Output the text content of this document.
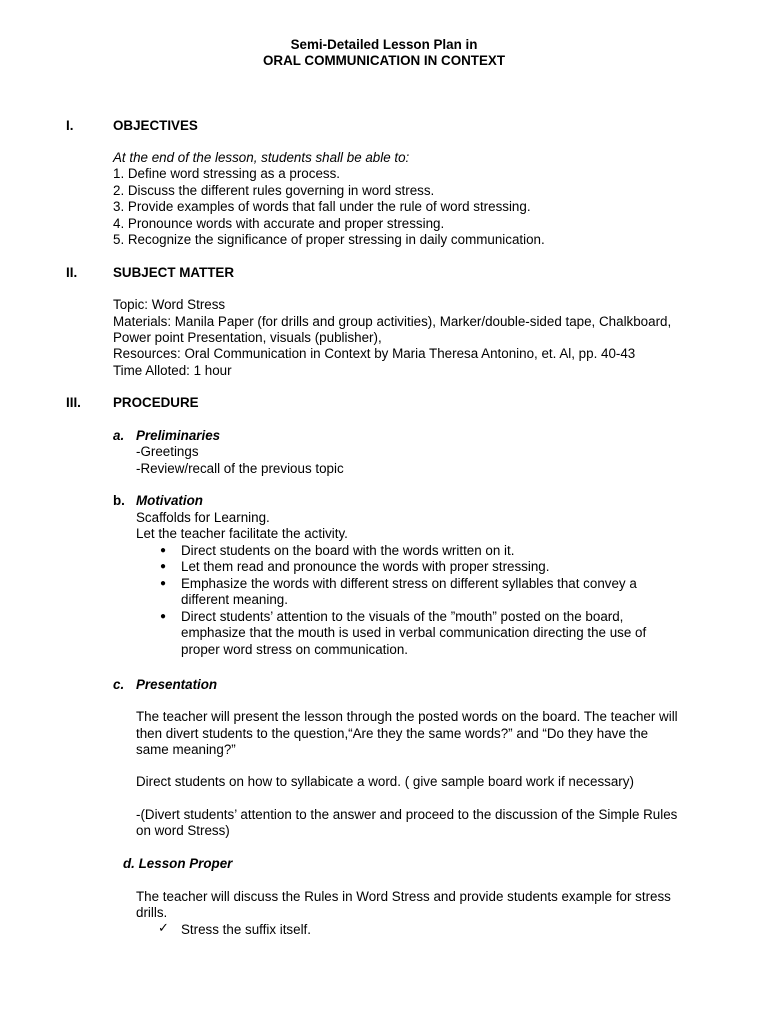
Semi-Detailed Lesson Plan in
ORAL COMMUNICATION IN CONTEXT
I.	OBJECTIVES
At the end of the lesson, students shall be able to:
1. Define word stressing as a process.
2. Discuss the different rules governing in word stress.
3. Provide examples of words that fall under the rule of word stressing.
4. Pronounce words with accurate and proper stressing.
5. Recognize the significance of proper stressing in daily communication.
II.	SUBJECT MATTER
Topic: Word Stress
Materials: Manila Paper (for drills and group activities), Marker/double-sided tape, Chalkboard,
Power point Presentation, visuals (publisher),
Resources: Oral Communication in Context by Maria Theresa Antonino, et. Al, pp. 40-43
Time Alloted: 1 hour
III. PROCEDURE
a. Preliminaries
-Greetings
-Review/recall of the previous topic
b. Motivation
Scaffolds for Learning.
Let the teacher facilitate the activity.
● Direct students on the board with the words written on it.
● Let them read and pronounce the words with proper stressing.
● Emphasize the words with different stress on different syllables that convey a
different meaning.
● Direct students’ attention to the visuals of the ”mouth” posted on the board,
emphasize that the mouth is used in verbal communication directing the use of
proper word stress on communication.
c. Presentation
The teacher will present the lesson through the posted words on the board. The teacher will
then divert students to the question,“Are they the same words?” and “Do they have the
same meaning?”
Direct students on how to syllabicate a word. ( give sample board work if necessary)
-(Divert students’ attention to the answer and proceed to the discussion of the Simple Rules
on word Stress)
d. Lesson Proper
The teacher will discuss the Rules in Word Stress and provide students example for stress
drills.
✓ Stress the suffix itself.
